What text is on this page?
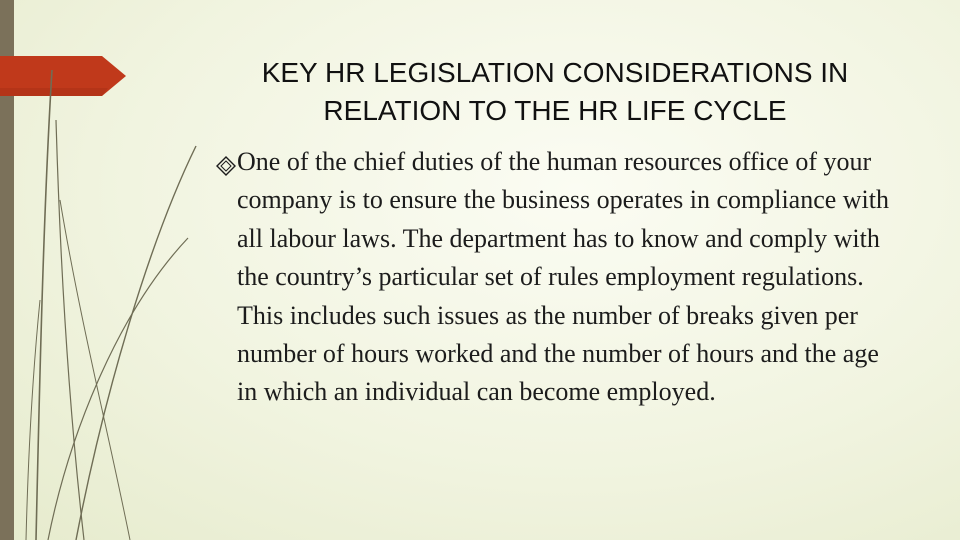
KEY HR LEGISLATION CONSIDERATIONS IN RELATION TO THE HR LIFE CYCLE

One of the chief duties of the human resources office of your company is to ensure the business operates in compliance with all labour laws. The department has to know and comply with the country’s particular set of rules employment regulations. This includes such issues as the number of breaks given per number of hours worked and the number of hours and the age in which an individual can become employed.
